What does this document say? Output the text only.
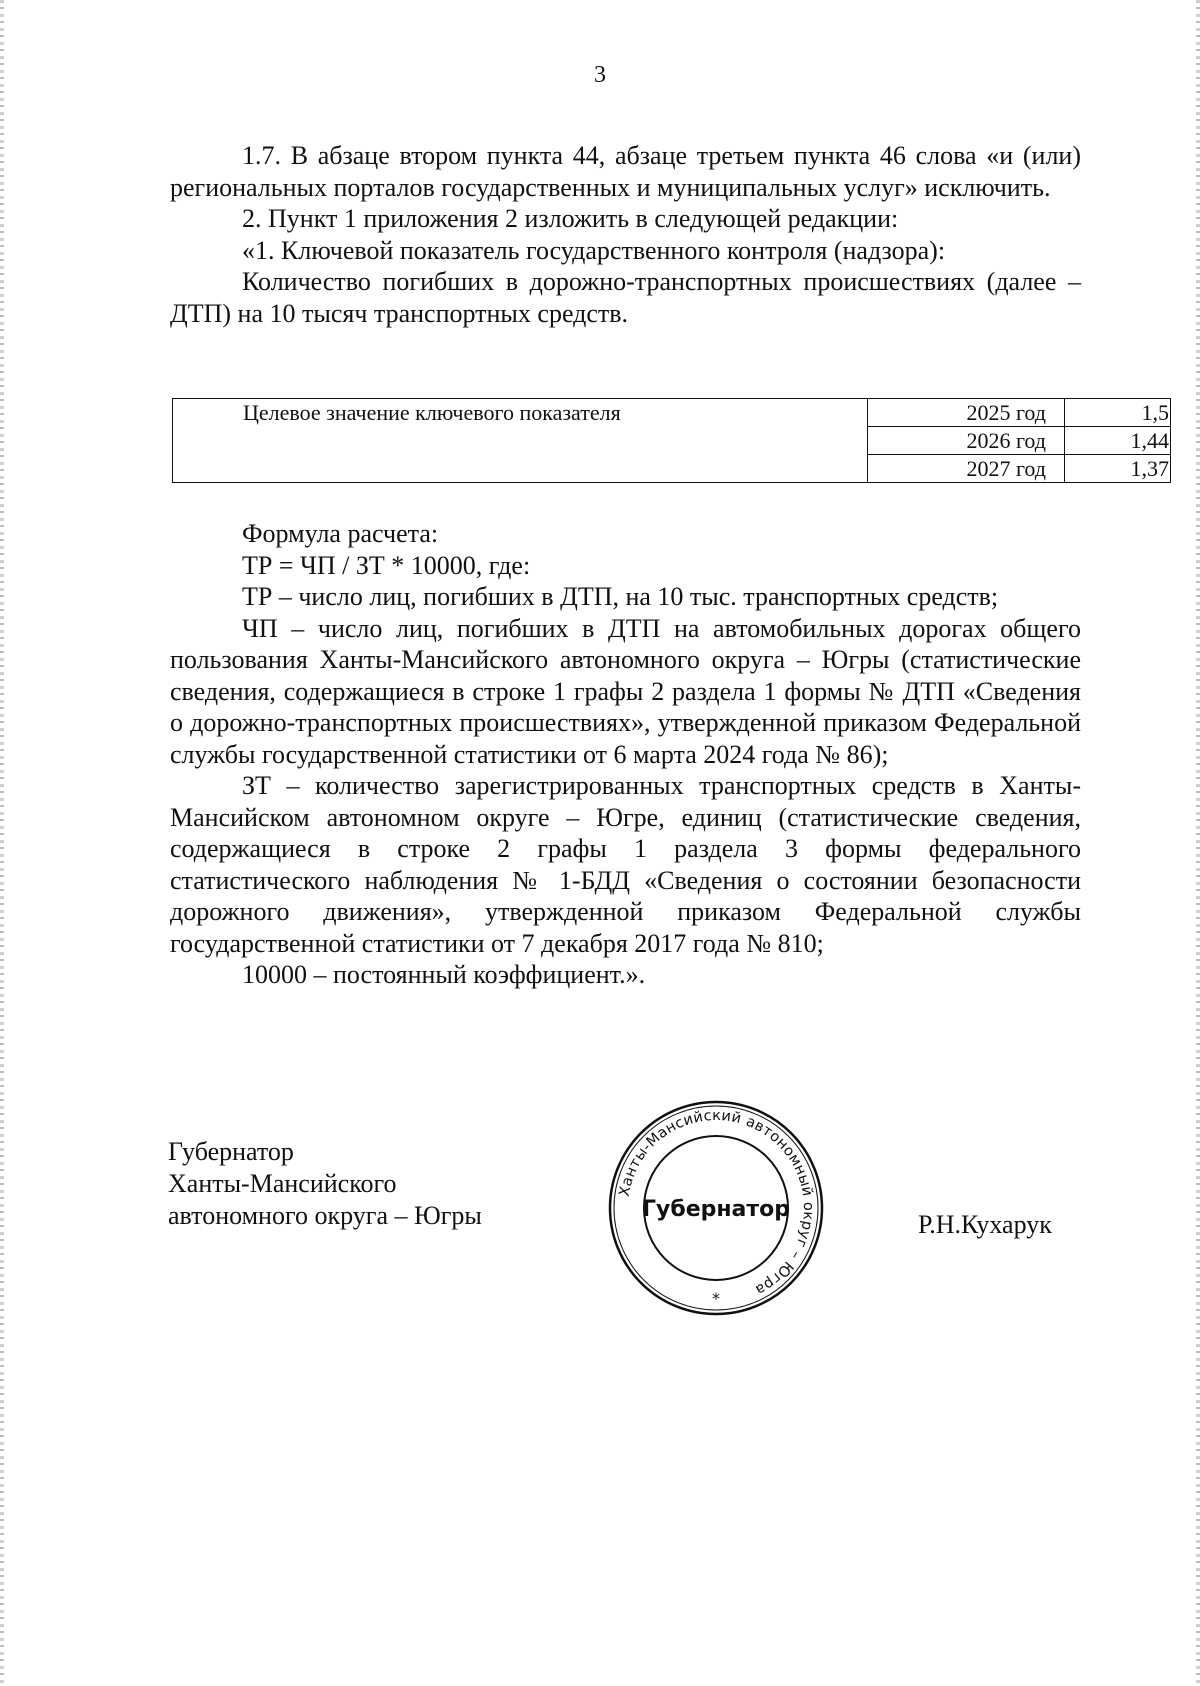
3

1.7. В абзаце втором пункта 44, абзаце третьем пункта 46 слова «и (или) региональных порталов государственных и муниципальных услуг» исключить.

2. Пункт 1 приложения 2 изложить в следующей редакции:

«1. Ключевой показатель государственного контроля (надзора):

Количество погибших в дорожно-транспортных происшествиях (далее – ДТП) на 10 тысяч транспортных средств.

Целевое значение ключевого показателя	2025 год	1,5
	2026 год	1,44
	2027 год	1,37

Формула расчета:

ТР = ЧП / ЗТ * 10000, где:

ТР – число лиц, погибших в ДТП, на 10 тыс. транспортных средств;

ЧП – число лиц, погибших в ДТП на автомобильных дорогах общего пользования Ханты-Мансийского автономного округа – Югры (статистические сведения, содержащиеся в строке 1 графы 2 раздела 1 формы № ДТП «Сведения о дорожно-транспортных происшествиях», утвержденной приказом Федеральной службы государственной статистики от 6 марта 2024 года № 86);

ЗТ – количество зарегистрированных транспортных средств в Ханты-Мансийском автономном округе – Югре, единиц (статистические сведения, содержащиеся в строке 2 графы 1 раздела 3 формы федерального статистического наблюдения № 1-БДД «Сведения о состоянии безопасности дорожного движения», утвержденной приказом Федеральной службы государственной статистики от 7 декабря 2017 года № 810;

10000 – постоянный коэффициент.».

Губернатор
Ханты-Мансийского
автономного округа – Югры
Ханты-Мансийский автономный округ – Югра
Губернатор
*
Р.Н.Кухарук
